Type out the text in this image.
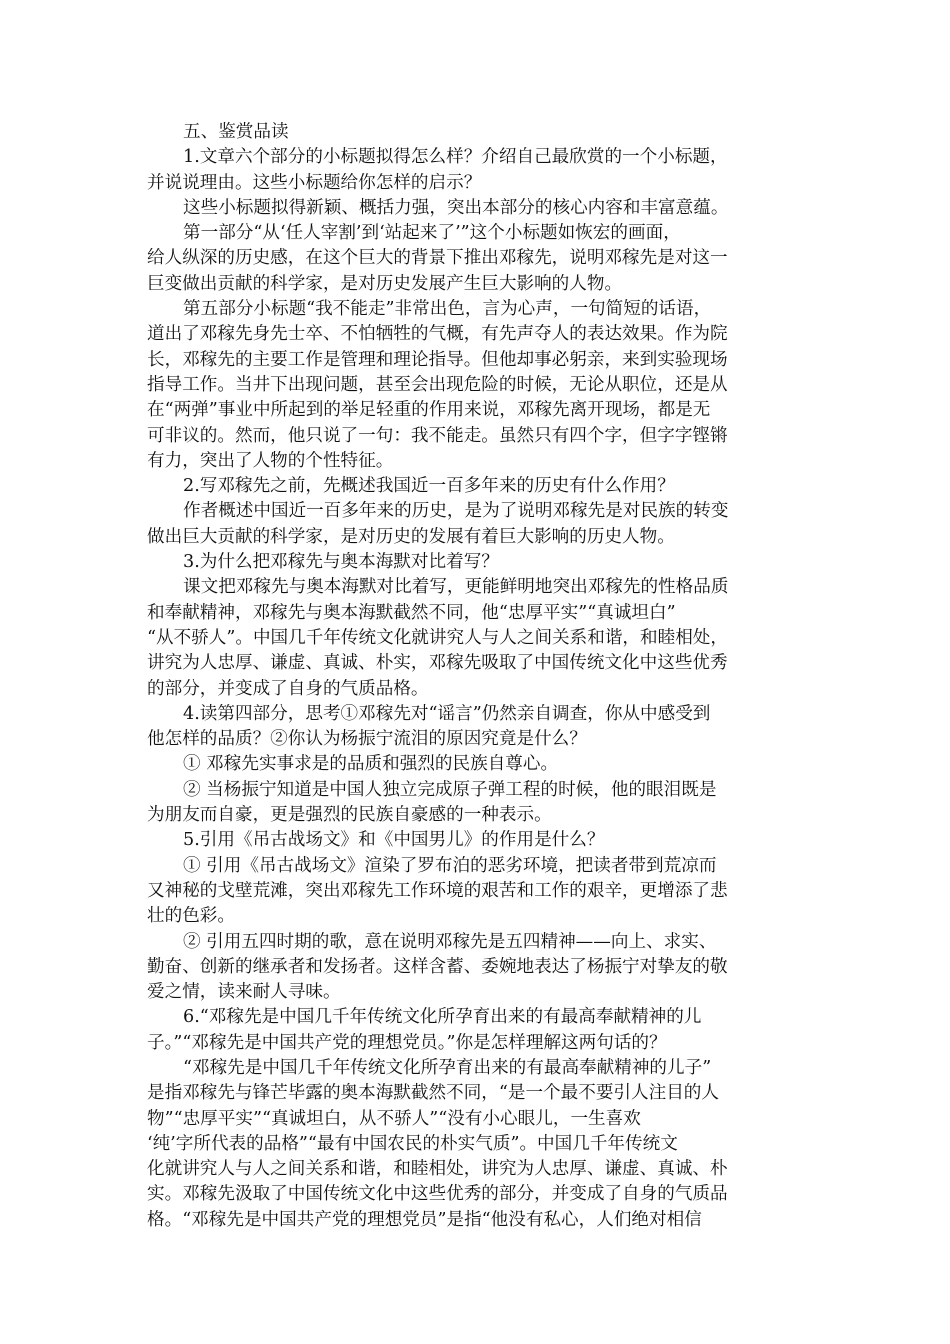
五、鉴赏品读
1.文章六个部分的小标题拟得怎么样？介绍自己最欣赏的一个小标题，
并说说理由。这些小标题给你怎样的启示？
这些小标题拟得新颖、概括力强，突出本部分的核心内容和丰富意蕴。
第一部分“从‘任人宰割’到‘站起来了’”这个小标题如恢宏的画面，
给人纵深的历史感，在这个巨大的背景下推出邓稼先，说明邓稼先是对这一
巨变做出贡献的科学家，是对历史发展产生巨大影响的人物。
第五部分小标题“我不能走”非常出色，言为心声，一句简短的话语，
道出了邓稼先身先士卒、不怕牺牲的气概，有先声夺人的表达效果。作为院
长，邓稼先的主要工作是管理和理论指导。但他却事必躬亲，来到实验现场
指导工作。当井下出现问题，甚至会出现危险的时候，无论从职位，还是从
在“两弹”事业中所起到的举足轻重的作用来说，邓稼先离开现场，都是无
可非议的。然而，他只说了一句：我不能走。虽然只有四个字，但字字铿锵
有力，突出了人物的个性特征。
2.写邓稼先之前，先概述我国近一百多年来的历史有什么作用？
作者概述中国近一百多年来的历史，是为了说明邓稼先是对民族的转变
做出巨大贡献的科学家，是对历史的发展有着巨大影响的历史人物。
3.为什么把邓稼先与奥本海默对比着写？
课文把邓稼先与奥本海默对比着写，更能鲜明地突出邓稼先的性格品质
和奉献精神，邓稼先与奥本海默截然不同，他“忠厚平实”“真诚坦白”
“从不骄人”。中国几千年传统文化就讲究人与人之间关系和谐，和睦相处，
讲究为人忠厚、谦虚、真诚、朴实，邓稼先吸取了中国传统文化中这些优秀
的部分，并变成了自身的气质品格。
4.读第四部分，思考①邓稼先对“谣言”仍然亲自调查，你从中感受到
他怎样的品质？②你认为杨振宁流泪的原因究竟是什么？
① 邓稼先实事求是的品质和强烈的民族自尊心。
② 当杨振宁知道是中国人独立完成原子弹工程的时候，他的眼泪既是
为朋友而自豪，更是强烈的民族自豪感的一种表示。
5.引用《吊古战场文》和《中国男儿》的作用是什么？
① 引用《吊古战场文》渲染了罗布泊的恶劣环境，把读者带到荒凉而
又神秘的戈壁荒滩，突出邓稼先工作环境的艰苦和工作的艰辛，更增添了悲
壮的色彩。
② 引用五四时期的歌，意在说明邓稼先是五四精神——向上、求实、
勤奋、创新的继承者和发扬者。这样含蓄、委婉地表达了杨振宁对挚友的敬
爱之情，读来耐人寻味。
6.“邓稼先是中国几千年传统文化所孕育出来的有最高奉献精神的儿
子。”“邓稼先是中国共产党的理想党员。”你是怎样理解这两句话的？
“邓稼先是中国几千年传统文化所孕育出来的有最高奉献精神的儿子”
是指邓稼先与锋芒毕露的奥本海默截然不同，“是一个最不要引人注目的人
物”“忠厚平实”“真诚坦白，从不骄人”“没有小心眼儿，一生喜欢
‘纯’字所代表的品格”“最有中国农民的朴实气质”。中国几千年传统文
化就讲究人与人之间关系和谐，和睦相处，讲究为人忠厚、谦虚、真诚、朴
实。邓稼先汲取了中国传统文化中这些优秀的部分，并变成了自身的气质品
格。“邓稼先是中国共产党的理想党员”是指“他没有私心，人们绝对相信
